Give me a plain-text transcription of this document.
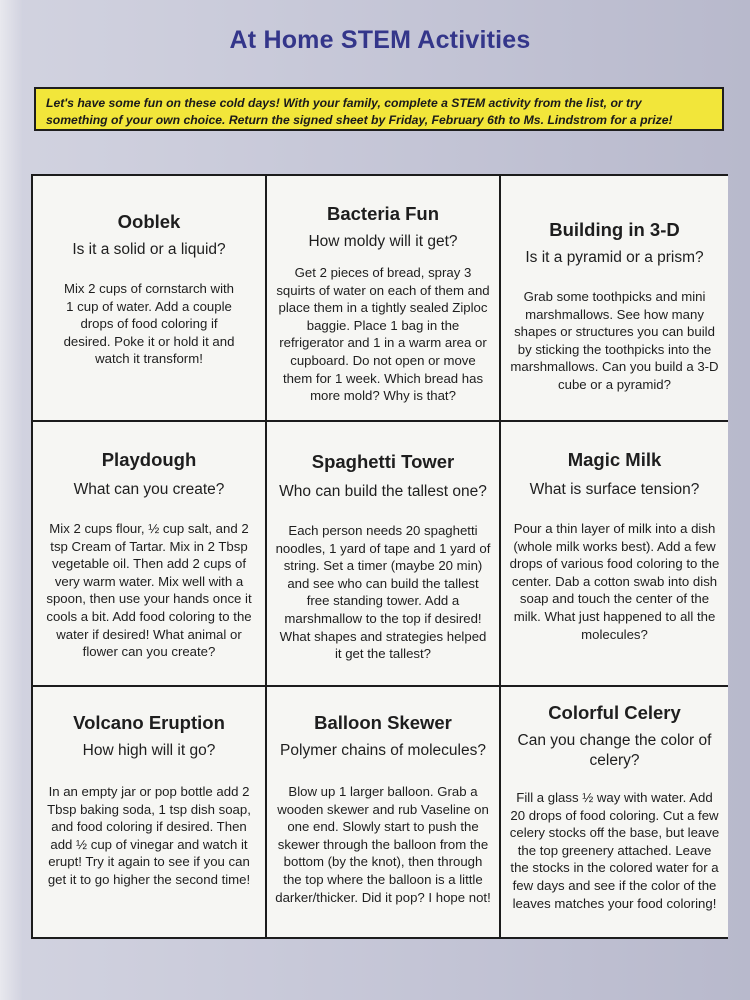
At Home STEM Activities
Let's have some fun on these cold days! With your family, complete a STEM activity from the list, or try
something of your own choice. Return the signed sheet by Friday, February 6th to Ms. Lindstrom for a prize!
Ooblek
Is it a solid or a liquid?
Mix 2 cups of cornstarch with 1 cup of water. Add a couple drops of food coloring if desired. Poke it or hold it and watch it transform!
Bacteria Fun
How moldy will it get?
Get 2 pieces of bread, spray 3 squirts of water on each of them and place them in a tightly sealed Ziploc baggie. Place 1 bag in the refrigerator and 1 in a warm area or cupboard. Do not open or move them for 1 week. Which bread has more mold? Why is that?
Building in 3-D
Is it a pyramid or a prism?
Grab some toothpicks and mini marshmallows. See how many shapes or structures you can build by sticking the toothpicks into the marshmallows. Can you build a 3-D cube or a pyramid?
Playdough
What can you create?
Mix 2 cups flour, ½ cup salt, and 2 tsp Cream of Tartar. Mix in 2 Tbsp vegetable oil. Then add 2 cups of very warm water. Mix well with a spoon, then use your hands once it cools a bit. Add food coloring to the water if desired! What animal or flower can you create?
Spaghetti Tower
Who can build the tallest one?
Each person needs 20 spaghetti noodles, 1 yard of tape and 1 yard of string. Set a timer (maybe 20 min) and see who can build the tallest free standing tower. Add a marshmallow to the top if desired! What shapes and strategies helped it get the tallest?
Magic Milk
What is surface tension?
Pour a thin layer of milk into a dish (whole milk works best). Add a few drops of various food coloring to the center. Dab a cotton swab into dish soap and touch the center of the milk. What just happened to all the molecules?
Volcano Eruption
How high will it go?
In an empty jar or pop bottle add 2 Tbsp baking soda, 1 tsp dish soap, and food coloring if desired. Then add ½ cup of vinegar and watch it erupt! Try it again to see if you can get it to go higher the second time!
Balloon Skewer
Polymer chains of molecules?
Blow up 1 larger balloon. Grab a wooden skewer and rub Vaseline on one end. Slowly start to push the skewer through the balloon from the bottom (by the knot), then through the top where the balloon is a little darker/thicker. Did it pop? I hope not!
Colorful Celery
Can you change the color of celery?
Fill a glass ½ way with water. Add 20 drops of food coloring. Cut a few celery stocks off the base, but leave the top greenery attached. Leave the stocks in the colored water for a few days and see if the color of the leaves matches your food coloring!
